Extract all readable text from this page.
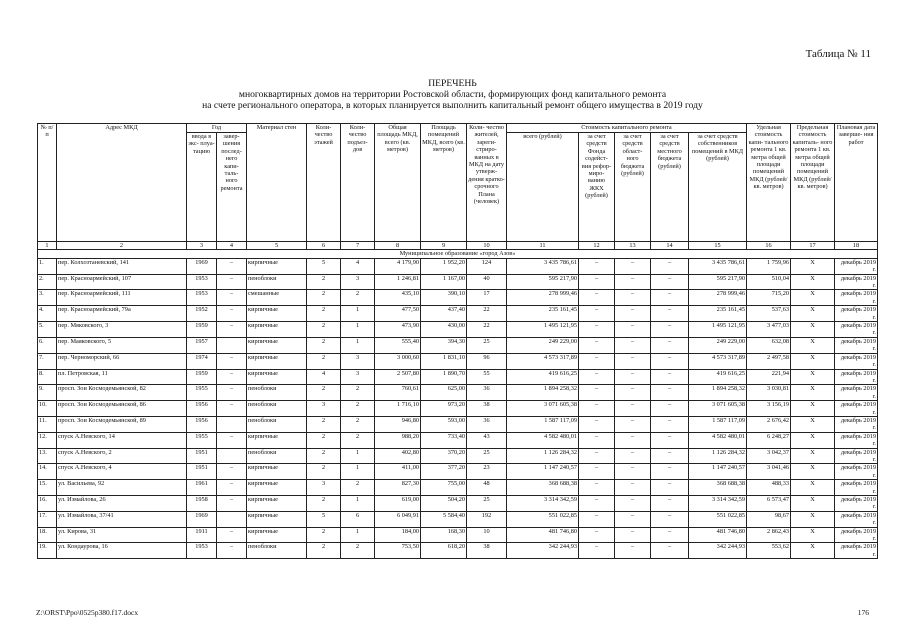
Таблица № 11
ПЕРЕЧЕНЬ
многоквартирных домов на территории Ростовской области, формирующих фонд капитального ремонта
на счете регионального оператора, в которых планируется выполнить капитальный ремонт общего имущества в 2019 году
№ п/п	Адрес МКД	Год		Материал стен	Коли- чество этажей	Коли- чество подъез- дов	Общая площадь МКД, всего (кв. метров)	Площадь помещений МКД, всего (кв. метров)	Коли- чество жителей, зареги- стриро- ванных в МКД на дату утверж- дения кратко- срочного Плана (человек)	Стоимость капитального ремонта					Удельная стоимость капи- тального ремонта 1 кв. метра общей площади помещений МКД (рублей/ кв. метров)	Предельная стоимость капиталь- ного ремонта 1 кв. метра общей площади помещений МКД (рублей/ кв. метров)	Плановая дата заверше- ния работ
		ввода в экс- плуа- тацию	завер- шения послед- него капи- таль- ного ремонта							всего (рублей)	за счет средств Фонда содейст- вия рефор- миро- ванию ЖКХ (рублей)	за счет средств област- ного бюджета (рублей)	за счет средств местного бюджета (рублей)	за счет средств собственников помещений в МКД (рублей)			
1	2	3	4	5	6	7	8	9	10	11	12	13	14	15	16	17	18
Муниципальное образование «город Азов»																	
1.	пер. Колхозтаневский, 141	1969	–	кирпичные	5	4	4 179,90	1 952,20	124	3 435 786,61	–	–	–	3 435 786,61	1 759,96	X	декабрь 2019 г.
2.	пер. Красноармейский, 107	1953	–	пеноблоки	2	3	1 246,81	1 167,00	40	595 217,90	–	–	–	595 217,90	510,04	X	декабрь 2019 г.
3.	пер. Красноармейский, 111	1953	–	смешанные	2	2	435,10	390,10	17	278 999,46	–	–	–	278 999,46	715,20	X	декабрь 2019 г.
4.	пер. Красноармейский, 79а	1952	–	кирпичные	2	1	477,50	437,40	22	235 161,45	–	–	–	235 161,45	537,63	X	декабрь 2019 г.
5.	пер. Мяковского, 3	1959	–	кирпичные	2	1	473,90	430,00	22	1 495 121,95	–	–	–	1 495 121,95	3 477,03	X	декабрь 2019 г.
6.	пер. Маяковского, 5	1957		кирпичные	2	1	555,40	394,30	25	249 229,00	–	–	–	249 229,00	632,08	X	декабрь 2019 г.
7.	пер. Черноморский, 66	1974	–	кирпичные	2	3	3 000,60	1 831,10	96	4 573 317,89	–	–	–	4 573 317,89	2 497,58	X	декабрь 2019 г.
8.	пл. Петровская, 11	1959	–	кирпичные	4	3	2 507,80	1 890,70	55	419 616,25	–	–	–	419 616,25	221,94	X	декабрь 2019 г.
9.	просп. Зои Космодемьянской, 82	1955	–	пеноблоки	2	2	760,61	625,00	36	1 894 258,32	–	–	–	1 894 258,32	3 030,81	X	декабрь 2019 г.
10.	просп. Зои Космодемьянской, 86	1956	–	пеноблоки	3	2	1 716,10	973,20	38	3 071 605,38	–	–	–	3 071 605,38	3 156,19	X	декабрь 2019 г.
11.	просп. Зои Космодемьянской, 89	1956		пеноблоки	2	2	946,80	593,00	36	1 587 117,09	–	–	–	1 587 117,09	2 676,42	X	декабрь 2019 г.
12.	спуск А.Невского, 14	1955	–	кирпичные	2	2	988,20	733,40	43	4 582 480,01	–	–	–	4 582 480,01	6 248,27	X	декабрь 2019 г.
13.	спуск А.Невского, 2	1951		пеноблоки	2	1	402,80	370,20	25	1 126 284,32	–	–	–	1 126 284,32	3 042,37	X	декабрь 2019 г.
14.	спуск А.Невского, 4	1951	–	кирпичные	2	1	411,00	377,20	23	1 147 240,57	–	–	–	1 147 240,57	3 041,46	X	декабрь 2019 г.
15.	ул. Васильева, 92	1961	–	кирпичные	3	2	827,30	755,00	48	368 688,38	–	–	–	368 688,38	488,33	X	декабрь 2019 г.
16.	ул. Измайлова, 26	1958	–	кирпичные	2	1	619,00	504,20	25	3 314 342,59	–	–	–	3 314 342,59	6 573,47	X	декабрь 2019 г.
17.	ул. Измайлова, 37/41	1969		кирпичные	5	6	6 049,91	5 584,40	192	551 022,85	–	–	–	551 022,85	98,67	X	декабрь 2019 г.
18.	ул. Кирова, 31	1911	–	кирпичные	2	1	184,00	168,30	10	481 746,80	–	–	–	481 746,80	2 862,43	X	декабрь 2019 г.
19.	ул. Кондаурова, 16	1953	–	пеноблоки	2	2	753,50	618,20	38	342 244,93	–	–	–	342 244,93	553,62	X	декабрь 2019 г.
Z:\ORST\Ppo\0525p380.f17.docx	176
